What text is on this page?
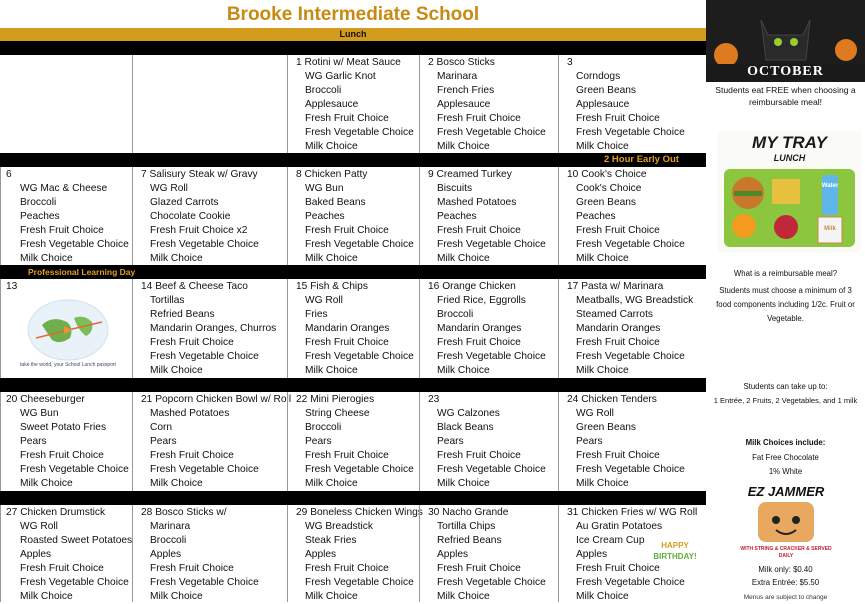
Brooke Intermediate School
Lunch
1 Rotini w/ Meat Sauce
WG Garlic Knot
Broccoli
Applesauce
Fresh Fruit Choice
Fresh Vegetable Choice
Milk Choice
2 Bosco Sticks
Marinara
French Fries
Applesauce
Fresh Fruit Choice
Fresh Vegetable Choice
Milk Choice
3
Corndogs
Green Beans
Applesauce
Fresh Fruit Choice
Fresh Vegetable Choice
Milk Choice
6
WG Mac & Cheese
Broccoli
Peaches
Fresh Fruit Choice
Fresh Vegetable Choice
Milk Choice
7 Salisury Steak w/ Gravy
WG Roll
Glazed Carrots
Chocolate Cookie
Fresh Fruit Choice x2
Fresh Vegetable Choice
Milk Choice
8 Chicken Patty
WG Bun
Baked Beans
Peaches
Fresh Fruit Choice
Fresh Vegetable Choice
Milk Choice
9 Creamed Turkey
Biscuits
Mashed Potatoes
Peaches
Fresh Fruit Choice
Fresh Vegetable Choice
Milk Choice
10 Cook's Choice
Cook's Choice
Green Beans
Peaches
Fresh Fruit Choice
Fresh Vegetable Choice
Milk Choice
13	14 Beef & Cheese Taco
Tortillas
Refried Beans
Mandarin Oranges, Churros
Fresh Fruit Choice
Fresh Vegetable Choice
Milk Choice
15 Fish & Chips
WG Roll
Fries
Mandarin Oranges
Fresh Fruit Choice
Fresh Vegetable Choice
Milk Choice
16 Orange Chicken
Fried Rice, Eggrolls
Broccoli
Mandarin Oranges
Fresh Fruit Choice
Fresh Vegetable Choice
Milk Choice
17 Pasta w/ Marinara
Meatballs, WG Breadstick
Steamed Carrots
Mandarin Oranges
Fresh Fruit Choice
Fresh Vegetable Choice
Milk Choice
20 Cheeseburger
WG Bun
Sweet Potato Fries
Pears
Fresh Fruit Choice
Fresh Vegetable Choice
Milk Choice
21 Popcorn Chicken Bowl w/ Roll
Mashed Potatoes
Corn
Pears
Fresh Fruit Choice
Fresh Vegetable Choice
Milk Choice
22 Mini Pierogies
String Cheese
Broccoli
Pears
Fresh Fruit Choice
Fresh Vegetable Choice
Milk Choice
23
WG Calzones
Black Beans
Pears
Fresh Fruit Choice
Fresh Vegetable Choice
Milk Choice
24 Chicken Tenders
WG Roll
Green Beans
Pears
Fresh Fruit Choice
Fresh Vegetable Choice
Milk Choice
27 Chicken Drumstick
WG Roll
Roasted Sweet Potatoes
Apples
Fresh Fruit Choice
Fresh Vegetable Choice
Milk Choice
28 Bosco Sticks w/
Marinara
Broccoli
Apples
Fresh Fruit Choice
Fresh Vegetable Choice
Milk Choice
29 Boneless Chicken Wings
WG Breadstick
Steak Fries
Apples
Fresh Fruit Choice
Fresh Vegetable Choice
Milk Choice
30 Nacho Grande
Tortilla Chips
Refried Beans
Apples
Fresh Fruit Choice
Fresh Vegetable Choice
Milk Choice
31 Chicken Fries w/ WG Roll
Au Gratin Potatoes
Ice Cream Cup
Apples
Fresh Fruit Choice
Fresh Vegetable Choice
Milk Choice
2 Hour Early Out
Professional Learning Day
take the world, your School Lunch passport
HAPPY
BIRTHDAY!
OCTOBER
Students eat FREE when choosing a reimbursable meal!
MY TRAY
LUNCH
Water
Milk
What is a reimbursable meal?
Students must choose a minimum of 3 food components including 1/2c. Fruit or Vegetable.
Students can take up to:
1 Entrée, 2 Fruits, 2 Vegetables, and 1 milk
Milk Choices include:
Fat Free Chocolate
1% White
EZ JAMMER
WITH STRING & CRACKER & SERVED DAILY
Milk only: $0.40
Extra Entrée: $5.50
Menus are subject to change
